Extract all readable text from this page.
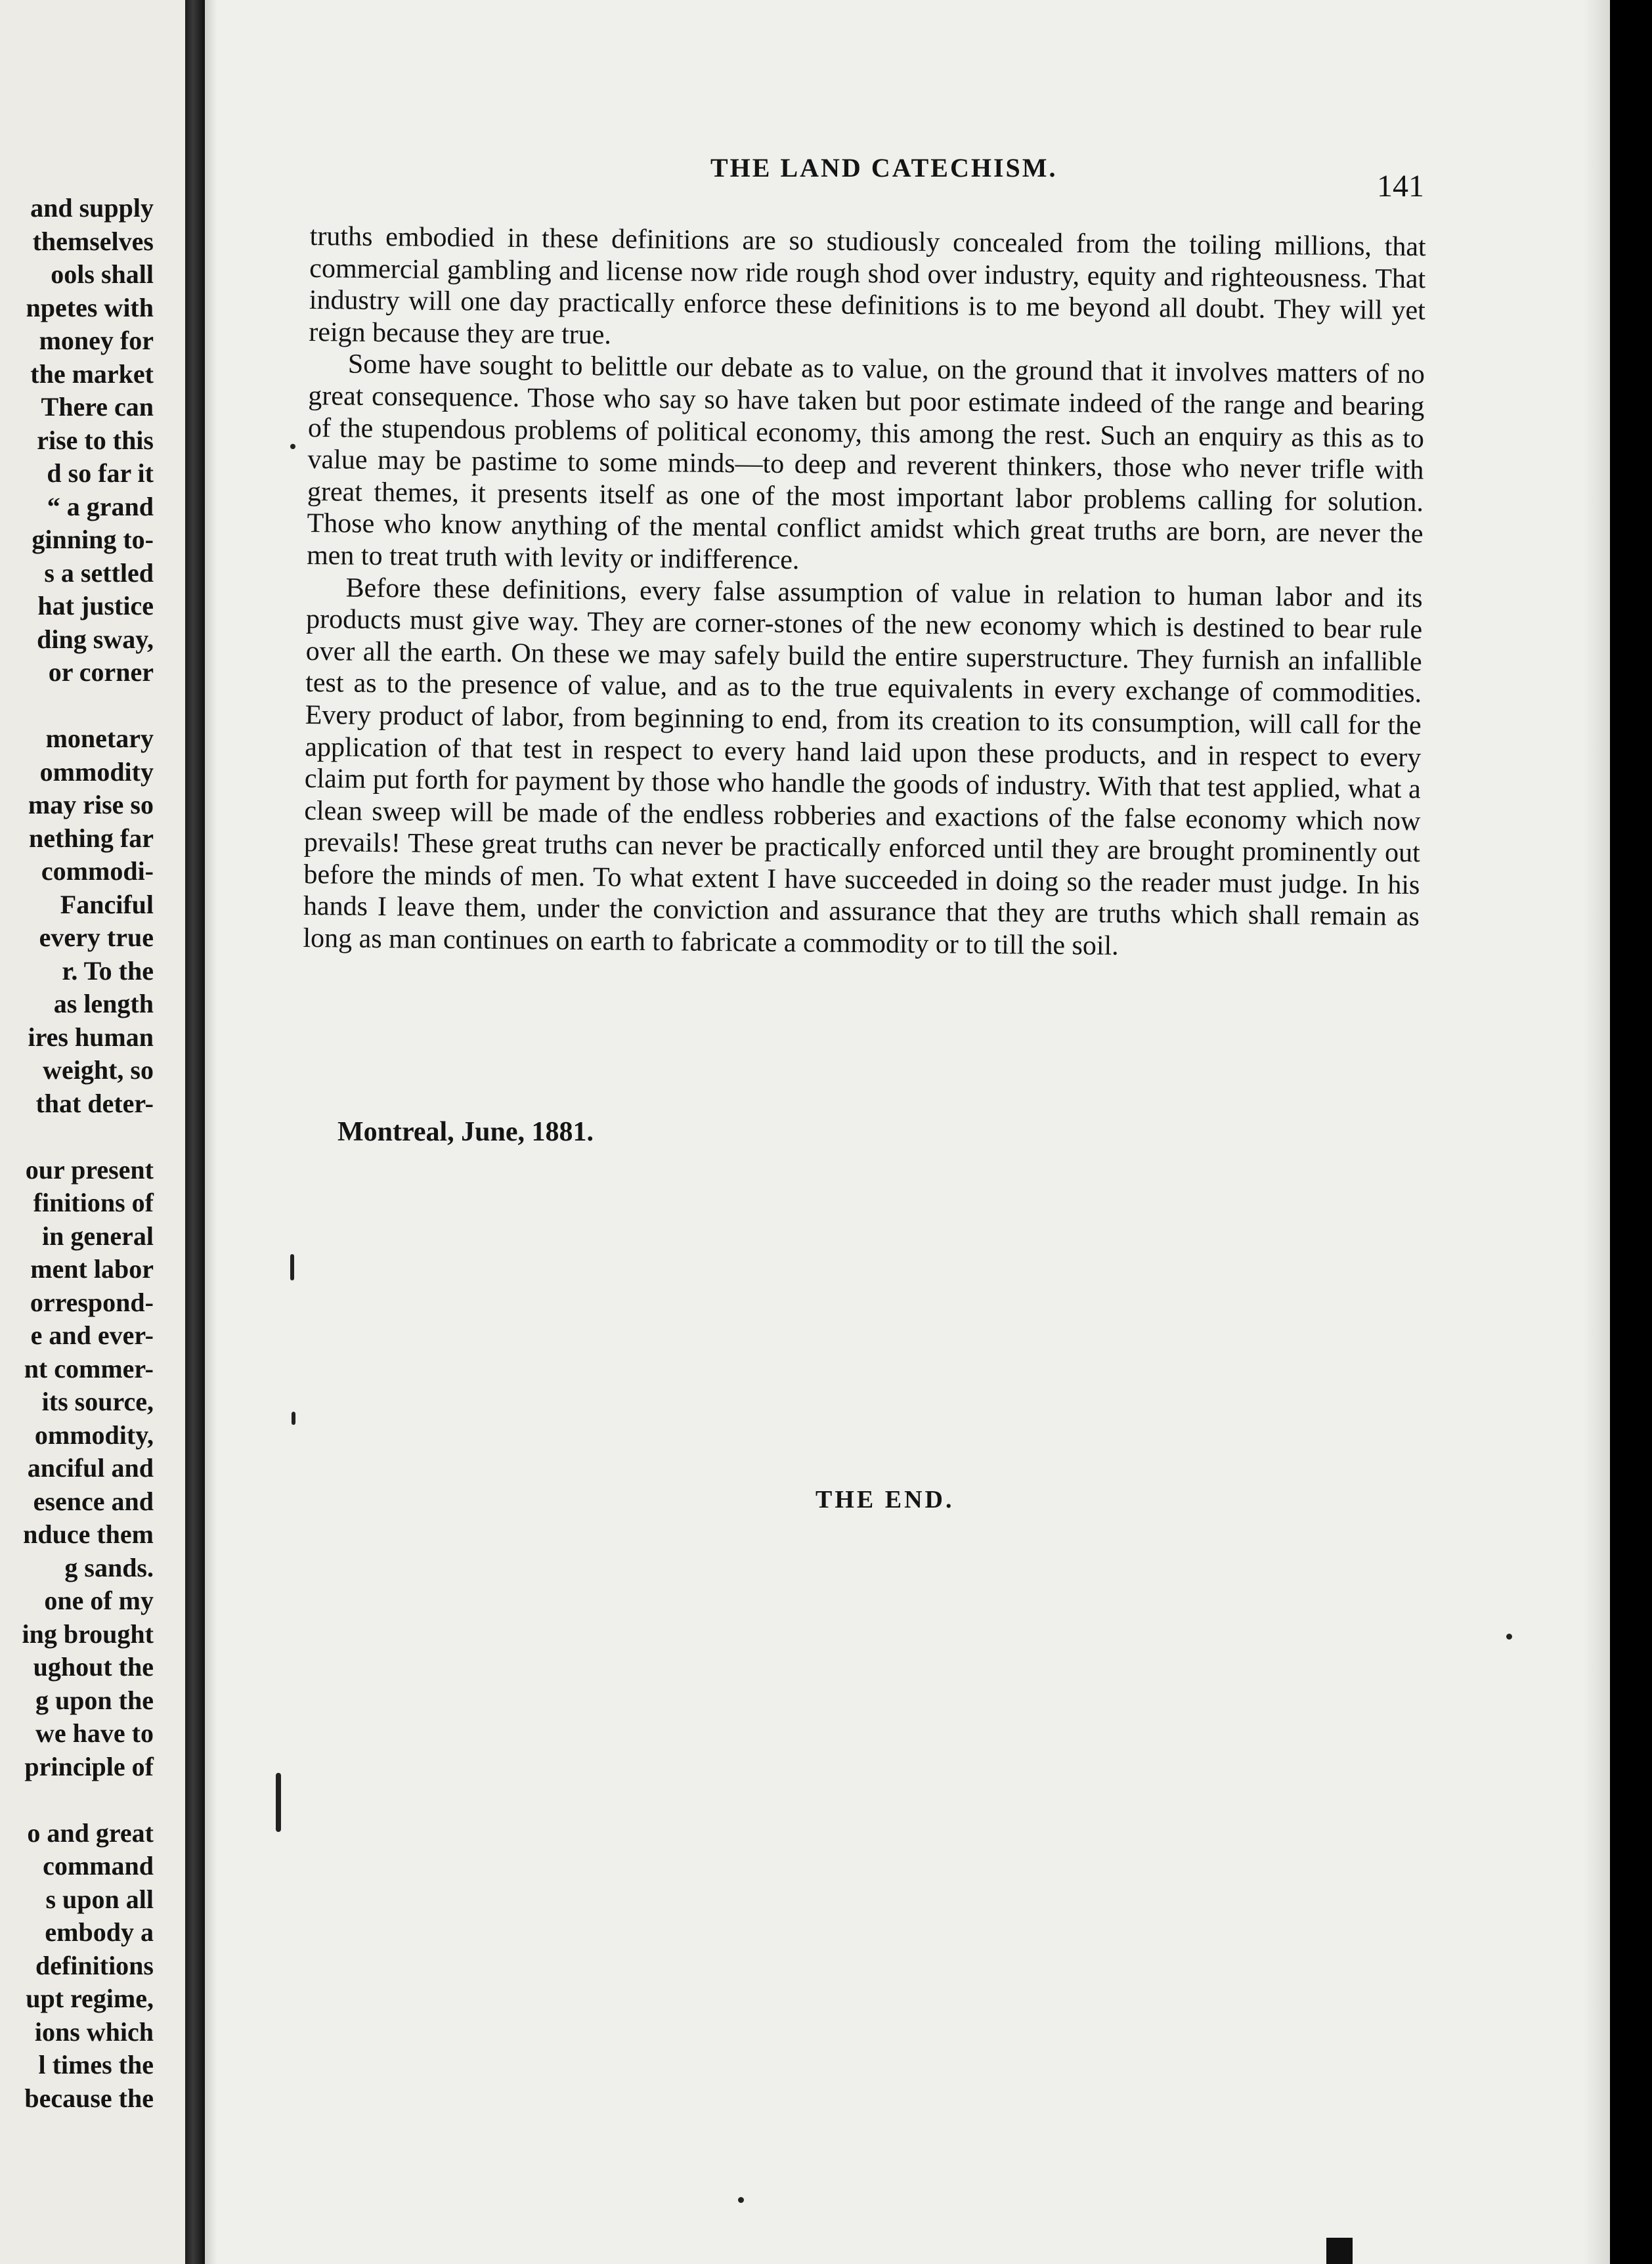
and supply
themselves
ools shall
npetes with
money for
the market
There can
rise to this
d so far it
“ a grand
ginning to-
s a settled
hat justice
ding sway,
or corner
monetary
ommodity
may rise so
nething far
commodi-
Fanciful
every true
r. To the
as length
ires human
weight, so
that deter-
our present
finitions of
in general
ment labor
orrespond-
e and ever-
nt commer-
its source,
ommodity,
anciful and
esence and
nduce them
g sands.
one of my
ing brought
ughout the
g upon the
we have to
principle of
o and great
command
s upon all
embody a
definitions
upt regime,
ions which
l times the
because the
THE LAND CATECHISM.
141

truths embodied in these definitions are so studiously concealed from the toiling millions, that commercial gambling and license now ride rough shod over industry, equity and righteousness. That industry will one day practically enforce these definitions is to me beyond all doubt. They will yet reign because they are true.

Some have sought to belittle our debate as to value, on the ground that it involves matters of no great consequence. Those who say so have taken but poor estimate indeed of the range and bearing of the stupendous problems of political economy, this among the rest. Such an enquiry as this as to value may be pastime to some minds—to deep and reverent thinkers, those who never trifle with great themes, it presents itself as one of the most important labor problems calling for solution. Those who know anything of the mental conflict amidst which great truths are born, are never the men to treat truth with levity or indifference.

Before these definitions, every false assumption of value in relation to human labor and its products must give way. They are corner-stones of the new economy which is destined to bear rule over all the earth. On these we may safely build the entire superstructure. They furnish an infallible test as to the presence of value, and as to the true equivalents in every exchange of commodities. Every product of labor, from beginning to end, from its creation to its consumption, will call for the application of that test in respect to every hand laid upon these products, and in respect to every claim put forth for payment by those who handle the goods of industry. With that test applied, what a clean sweep will be made of the endless robberies and exactions of the false economy which now prevails! These great truths can never be practically enforced until they are brought prominently out before the minds of men. To what extent I have succeeded in doing so the reader must judge. In his hands I leave them, under the conviction and assurance that they are truths which shall remain as long as man continues on earth to fabricate a commodity or to till the soil.

Montreal, June, 1881.
THE END.
